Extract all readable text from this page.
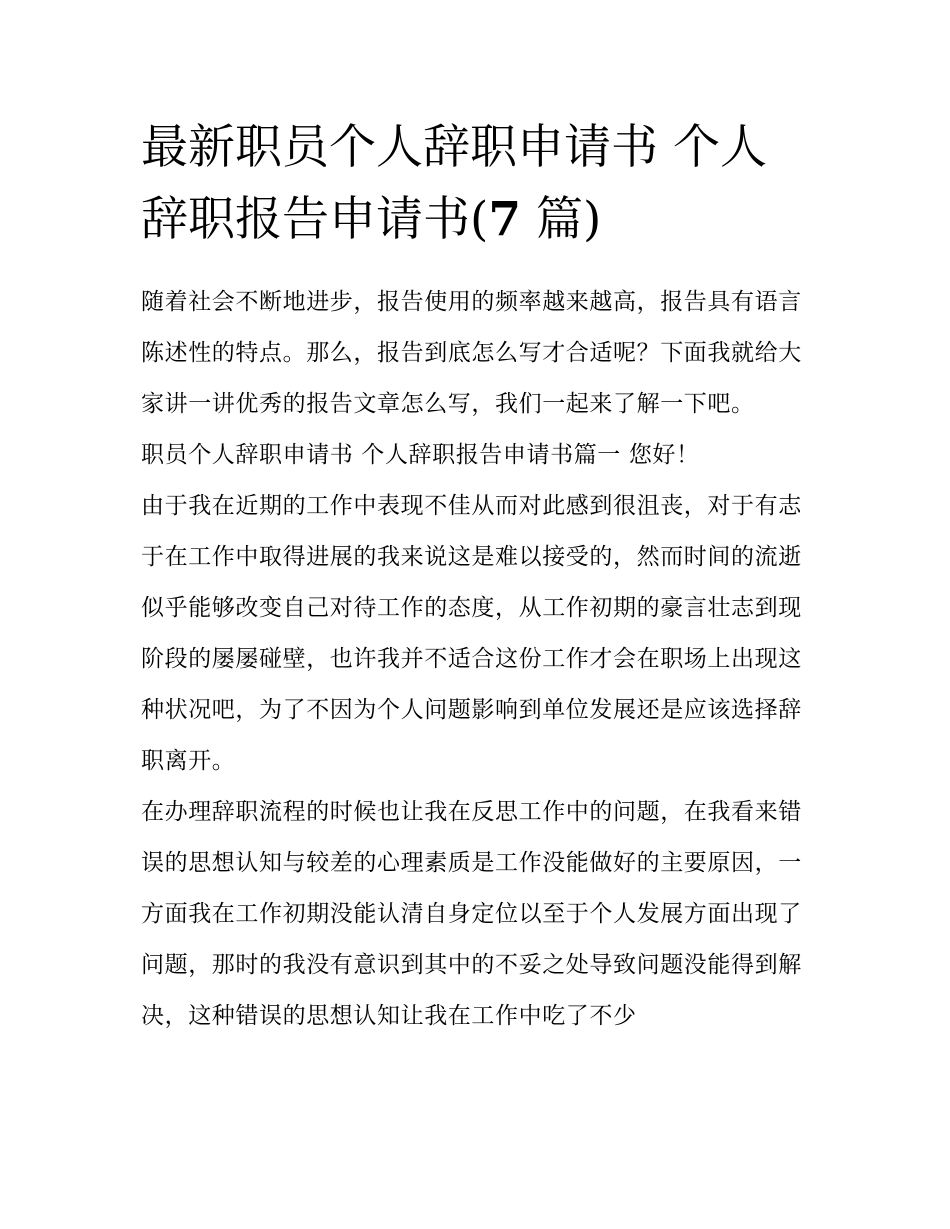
最新职员个人辞职申请书 个人辞职报告申请书(7 篇)

随着社会不断地进步，报告使用的频率越来越高，报告具有语言陈述性的特点。那么，报告到底怎么写才合适呢？下面我就给大家讲一讲优秀的报告文章怎么写，我们一起来了解一下吧。

职员个人辞职申请书 个人辞职报告申请书篇一 您好！

由于我在近期的工作中表现不佳从而对此感到很沮丧，对于有志于在工作中取得进展的我来说这是难以接受的，然而时间的流逝似乎能够改变自己对待工作的态度，从工作初期的豪言壮志到现阶段的屡屡碰壁，也许我并不适合这份工作才会在职场上出现这种状况吧，为了不因为个人问题影响到单位发展还是应该选择辞职离开。

在办理辞职流程的时候也让我在反思工作中的问题，在我看来错误的思想认知与较差的心理素质是工作没能做好的主要原因，一方面我在工作初期没能认清自身定位以至于个人发展方面出现了问题，那时的我没有意识到其中的不妥之处导致问题没能得到解决，这种错误的思想认知让我在工作中吃了不少
